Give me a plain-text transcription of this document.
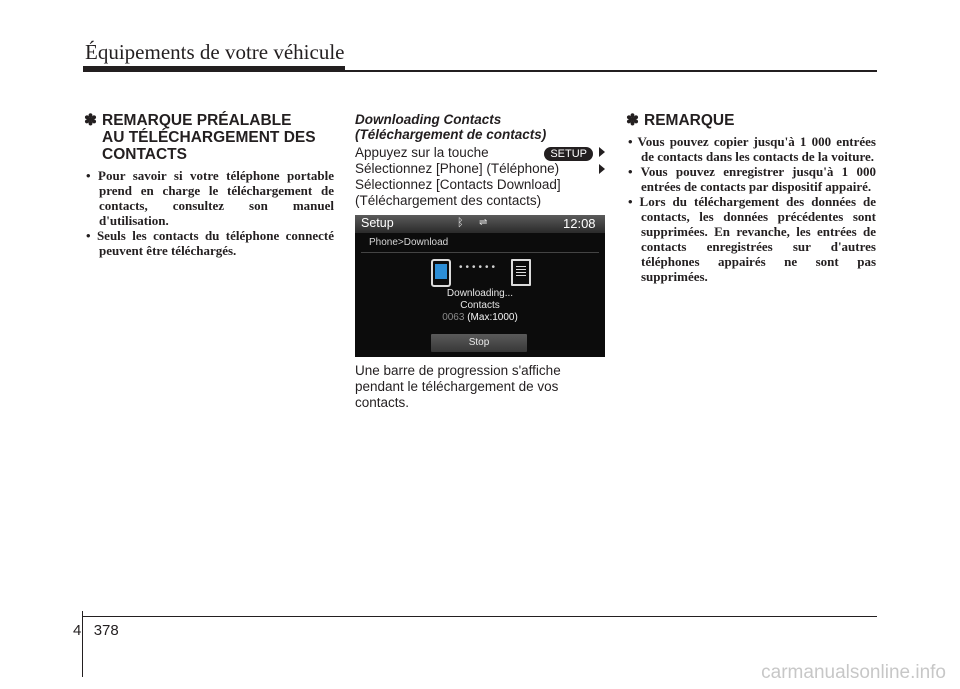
Équipements de votre véhicule
✽ REMARQUE PRÉALABLE
AU TÉLÉCHARGEMENT DES
CONTACTS
• Pour savoir si votre téléphone portable prend en charge le téléchargement de contacts, consultez son manuel d'utilisation.
• Seuls les contacts du téléphone connecté peuvent être téléchargés.
Downloading Contacts
(Téléchargement de contacts)
Appuyez sur la touche	SETUP
Sélectionnez [Phone] (Téléphone)
Sélectionnez [Contacts Download]
(Téléchargement des contacts)
Setup	ᛒ ⇌	12:08
Phone>Download
••••••
Downloading...
Contacts
0063 (Max:1000)
Stop
Une barre de progression s'affiche pendant le téléchargement de vos contacts.
✽ REMARQUE
• Vous pouvez copier jusqu'à 1 000 entrées de contacts dans les contacts de la voiture.
• Vous pouvez enregistrer jusqu'à 1 000 entrées de contacts par dispositif appairé.
• Lors du téléchargement des données de contacts, les données précédentes sont supprimées. En revanche, les entrées de contacts enregistrées sur d'autres téléphones appairés ne sont pas supprimées.
4 378
carmanualsonline.info
